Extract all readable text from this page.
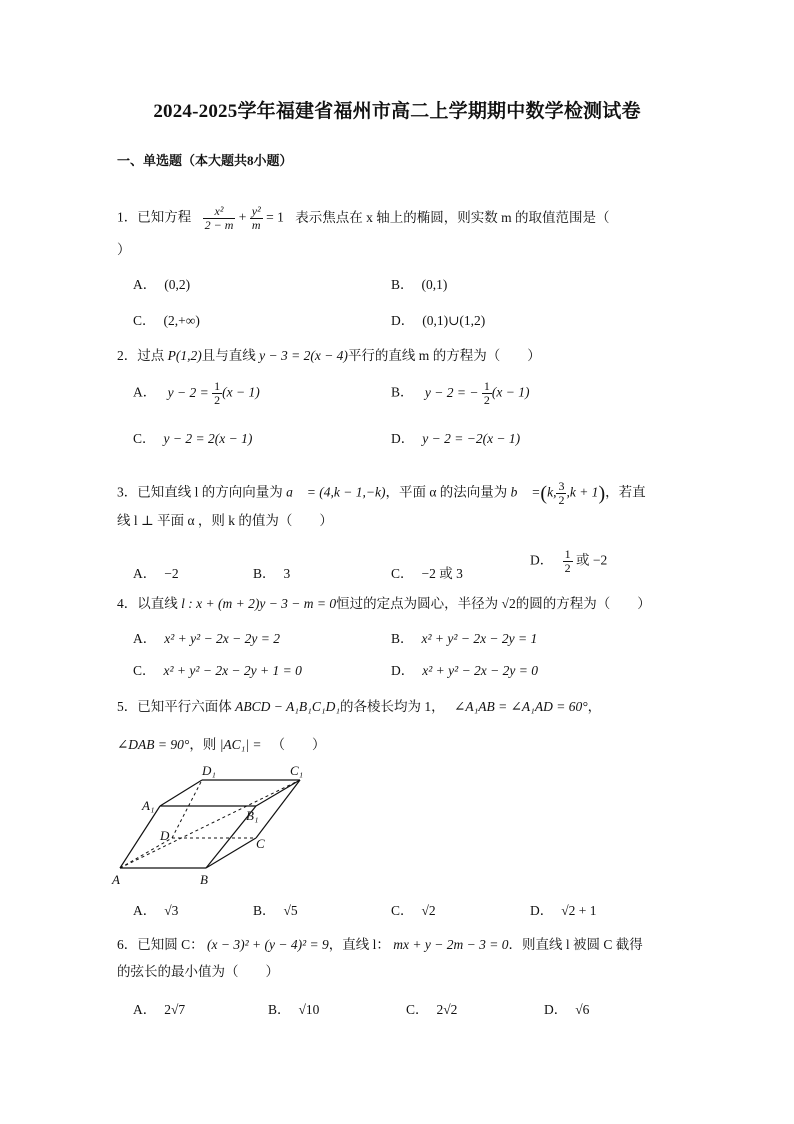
2024-2025学年福建省福州市高二上学期期中数学检测试卷
一、单选题（本大题共8小题）
1．已知方程 $\frac{\text{x²}}{2 - m} + \frac{\text{y²}}{m} = 1$ 表示焦点在 x 轴上的椭圆，则实数 m 的取值范围是（
）
A． (0,2)	B． (0,1)
C． (2,+∞)	D． (0,1)∪(1,2)
2．过点 P(1,2)且与直线 y − 3 = 2(x − 4)平行的直线 m 的方程为（　　）
A． $y - 2 = \frac{1}{2} (x - 1)$	B． y − 2 = − $\frac{1}{2} (x - 1)$
C． y − 2 = 2(x − 1)	D． y − 2 = −2(x − 1)
3．已知直线 l 的方向向量为 a⃗ = (4,k − 1,−k)，平面 α 的法向量为 b⃗ =(k, $\frac{3}{2} ,k + 1$)，若直
线 l ⊥ 平面 α ，则 k 的值为（　　）
A． −2	B． 3	C． −2 或 3
D． $\frac{1}{2}$ 或 −2
4．以直线 l : x + (m + 2)y − 3 − m = 0恒过的定点为圆心，半径为 √2的圆的方程为（　　）
A． x² + y² − 2x − 2y = 2	B． x² + y² − 2x − 2y = 1
C． x² + y² − 2x − 2y + 1 = 0	D． x² + y² − 2x − 2y = 0
5．已知平行六面体 ABCD − A₁B₁C₁D₁的各棱长均为 1， ∠A₁AB = ∠A₁AD = 60°，
∠DAB = 90°，则 |AC₁| = （　　）
D₁	C₁
A₁
B₁
D
C
A	B
A． √3	B． √5	C． √2	D． √2 + 1
6．已知圆 C： (x − 3)² + (y − 4)² = 9，直线 l： mx + y − 2m − 3 = 0．则直线 l 被圆 C 截得
的弦长的最小值为（　　）
A． 2√7	B． √10	C． 2√2	D． √6
